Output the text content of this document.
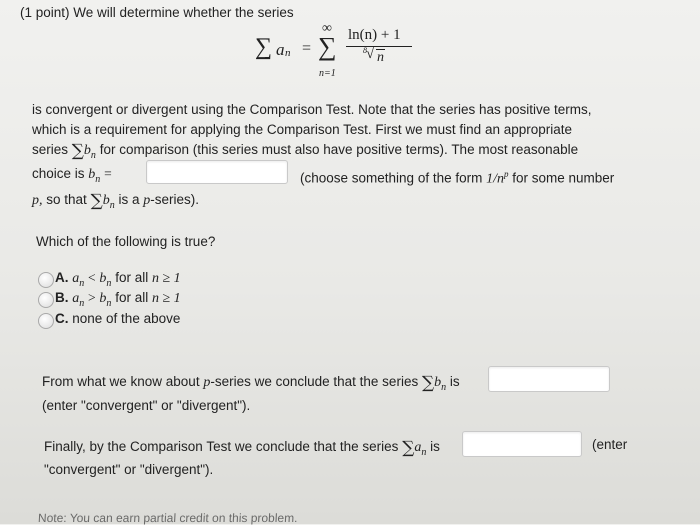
(1 point) We will determine whether the series
∑ a n =
∞
∑
n=1
ln(n) + 1
8 √ n
is convergent or divergent using the Comparison Test. Note that the series has positive terms,
which is a requirement for applying the Comparison Test. First we must find an appropriate
series $\sum b_n$ for comparison (this series must also have positive terms). The most reasonable
choice is $b_n$ =	(choose something of the form $1/n^p$ for some number
p, so that $\sum b_n$ is a p-series).
Which of the following is true?
A. $a_n < b_n$ for all n ≥ 1
B. $a_n > b_n$ for all n ≥ 1
C. none of the above
From what we know about p-series we conclude that the series $\sum b_n$ is
(enter "convergent" or "divergent").
Finally, by the Comparison Test we conclude that the series $\sum a_n$ is	(enter
"convergent" or "divergent").
Note: You can earn partial credit on this problem.
